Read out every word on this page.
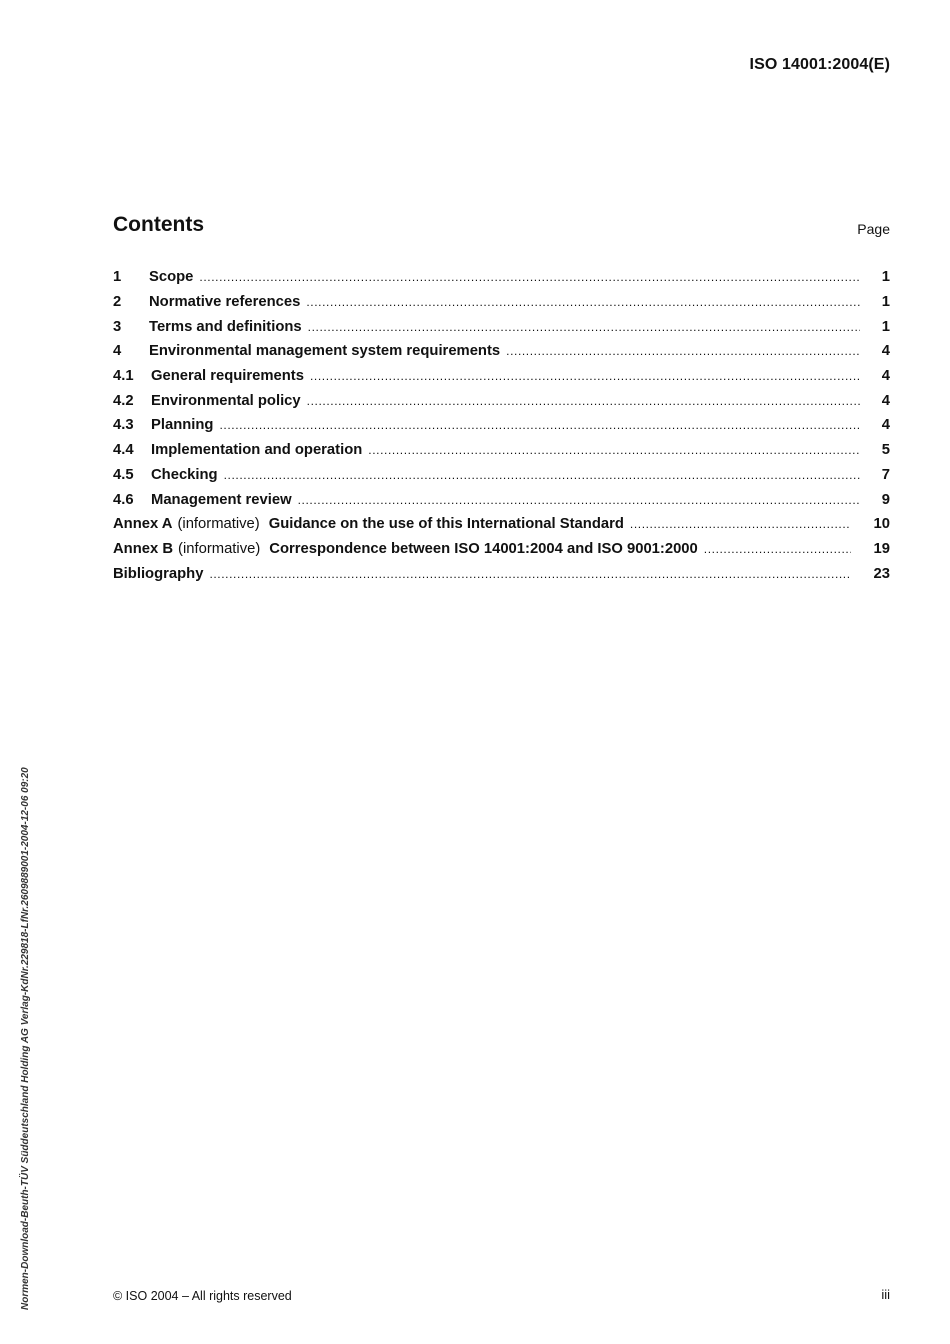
ISO 14001:2004(E)
Contents	Page
1	Scope .....	1
2	Normative references .....	1
3	Terms and definitions .....	1
4	Environmental management system requirements .....	4
4.1	General requirements .....	4
4.2	Environmental policy .....	4
4.3	Planning .....	4
4.4	Implementation and operation .....	5
4.5	Checking .....	7
4.6	Management review .....	9
Annex A (informative) Guidance on the use of this International Standard .....	10
Annex B (informative) Correspondence between ISO 14001:2004 and ISO 9001:2000 .....	19
Bibliography .....	23
Normen-Download-Beuth-TÜV Süddeutschland Holding AG Verlag-KdNr.229818-LfNr.2609889001-2004-12-06 09:20	© ISO 2004 – All rights reserved	iii
